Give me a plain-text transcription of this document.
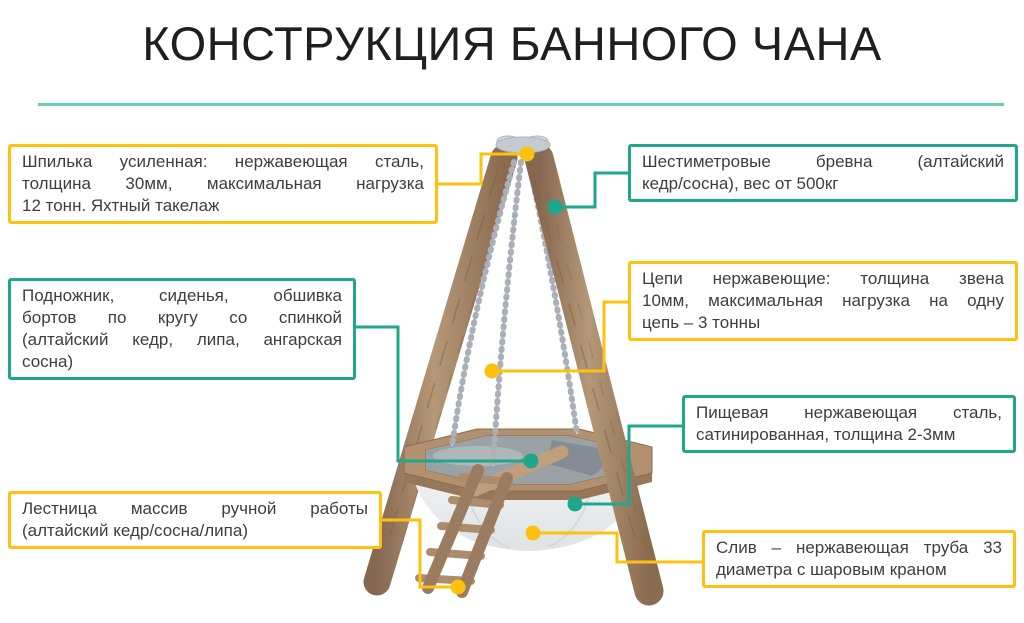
КОНСТРУКЦИЯ БАННОГО ЧАНА
Шпилька усиленная: нержавеющая сталь,
толщина 30мм, максимальная нагрузка
12 тонн. Яхтный такелаж
Шестиметровые бревна (алтайский
кедр/сосна), вес от 500кг
Подножник, сиденья, обшивка
бортов по кругу со спинкой
(алтайский кедр, липа, ангарская
сосна)
Цепи нержавеющие: толщина звена
10мм, максимальная нагрузка на одну
цепь – 3 тонны
Пищевая нержавеющая сталь,
сатинированная, толщина 2-3мм
Лестница массив ручной работы
(алтайский кедр/сосна/липа)
Слив – нержавеющая труба 33
диаметра с шаровым краном
